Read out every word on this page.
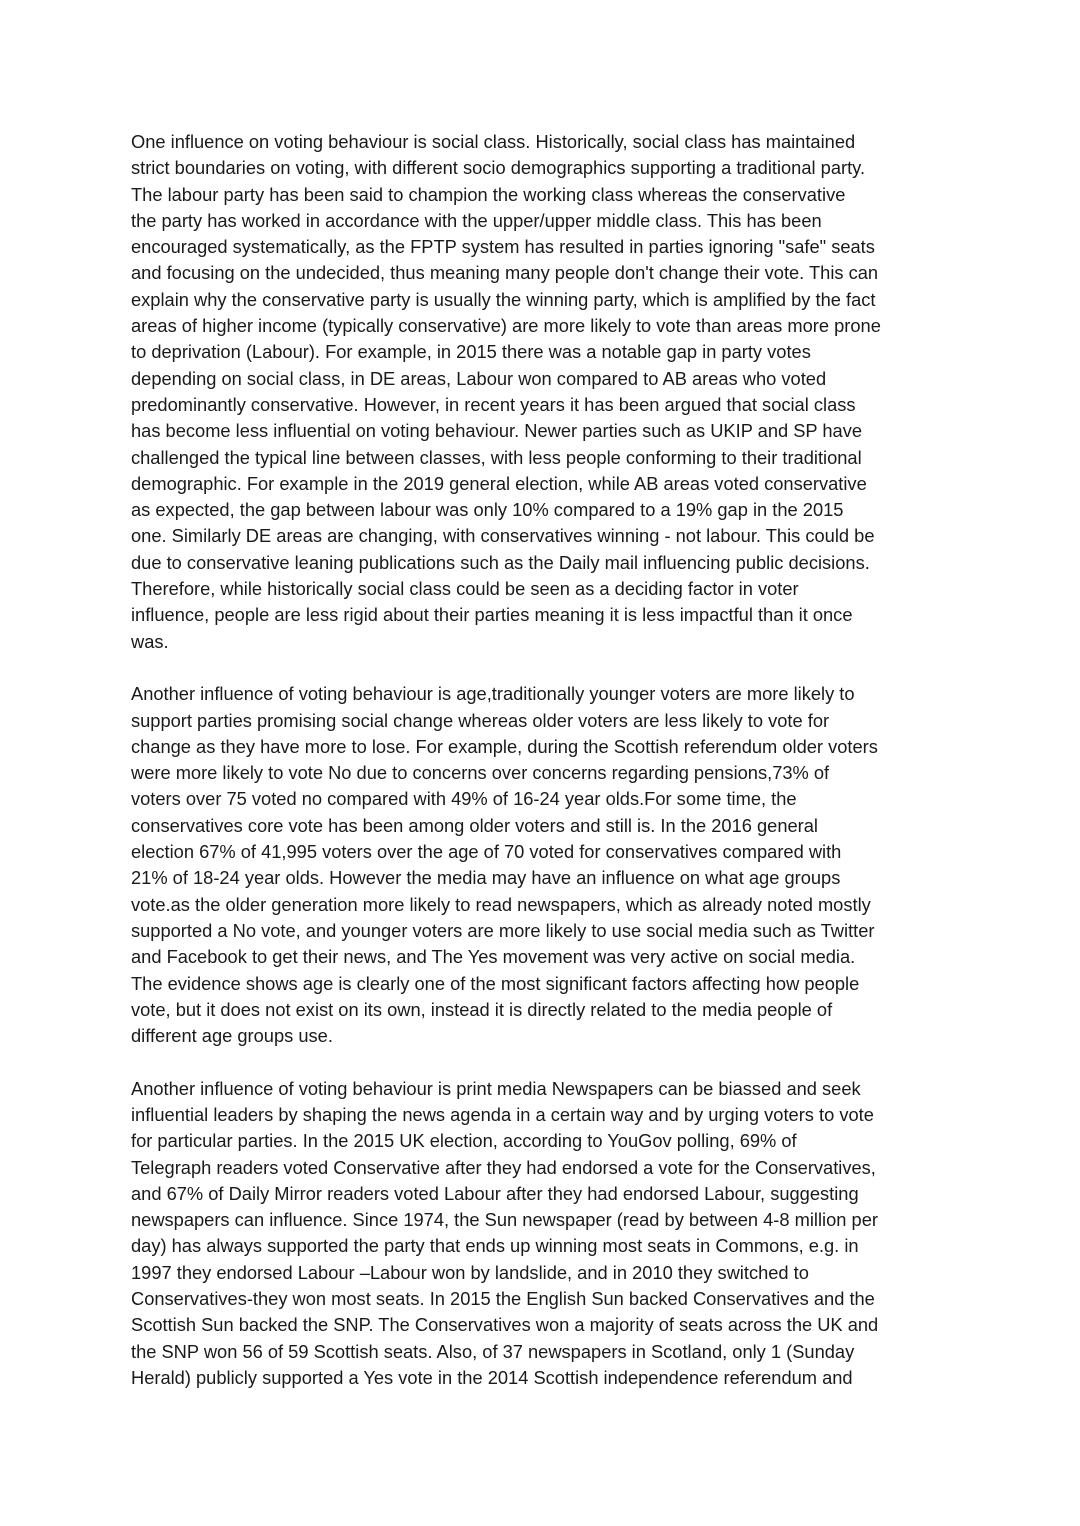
One influence on voting behaviour is social class. Historically, social class has maintained
strict boundaries on voting, with different socio demographics supporting a traditional party.
The labour party has been said to champion the working class whereas the conservative
the party has worked in accordance with the upper/upper middle class. This has been
encouraged systematically, as the FPTP system has resulted in parties ignoring "safe" seats
and focusing on the undecided, thus meaning many people don't change their vote. This can
explain why the conservative party is usually the winning party, which is amplified by the fact
areas of higher income (typically conservative) are more likely to vote than areas more prone
to deprivation (Labour). For example, in 2015 there was a notable gap in party votes
depending on social class, in DE areas, Labour won compared to AB areas who voted
predominantly conservative. However, in recent years it has been argued that social class
has become less influential on voting behaviour. Newer parties such as UKIP and SP have
challenged the typical line between classes, with less people conforming to their traditional
demographic. For example in the 2019 general election, while AB areas voted conservative
as expected, the gap between labour was only 10% compared to a 19% gap in the 2015
one. Similarly DE areas are changing, with conservatives winning - not labour. This could be
due to conservative leaning publications such as the Daily mail influencing public decisions.
Therefore, while historically social class could be seen as a deciding factor in voter
influence, people are less rigid about their parties meaning it is less impactful than it once
was.

Another influence of voting behaviour is age,traditionally younger voters are more likely to
support parties promising social change whereas older voters are less likely to vote for
change as they have more to lose. For example, during the Scottish referendum older voters
were more likely to vote No due to concerns over concerns regarding pensions,73% of
voters over 75 voted no compared with 49% of 16-24 year olds.For some time, the
conservatives core vote has been among older voters and still is. In the 2016 general
election 67% of 41,995 voters over the age of 70 voted for conservatives compared with
21% of 18-24 year olds. However the media may have an influence on what age groups
vote.as the older generation more likely to read newspapers, which as already noted mostly
supported a No vote, and younger voters are more likely to use social media such as Twitter
and Facebook to get their news, and The Yes movement was very active on social media.
The evidence shows age is clearly one of the most significant factors affecting how people
vote, but it does not exist on its own, instead it is directly related to the media people of
different age groups use.

Another influence of voting behaviour is print media Newspapers can be biassed and seek
influential leaders by shaping the news agenda in a certain way and by urging voters to vote
for particular parties. In the 2015 UK election, according to YouGov polling, 69% of
Telegraph readers voted Conservative after they had endorsed a vote for the Conservatives,
and 67% of Daily Mirror readers voted Labour after they had endorsed Labour, suggesting
newspapers can influence. Since 1974, the Sun newspaper (read by between 4-8 million per
day) has always supported the party that ends up winning most seats in Commons, e.g. in
1997 they endorsed Labour –Labour won by landslide, and in 2010 they switched to
Conservatives-they won most seats. In 2015 the English Sun backed Conservatives and the
Scottish Sun backed the SNP. The Conservatives won a majority of seats across the UK and
the SNP won 56 of 59 Scottish seats. Also, of 37 newspapers in Scotland, only 1 (Sunday
Herald) publicly supported a Yes vote in the 2014 Scottish independence referendum and
